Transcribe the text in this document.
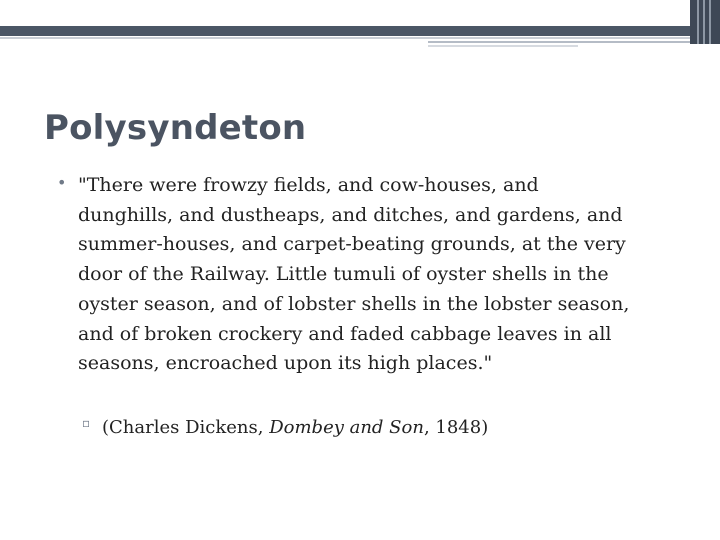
Polysyndeton
• "There were frowzy fields, and cow-houses, and
dunghills, and dustheaps, and ditches, and gardens, and
summer-houses, and carpet-beating grounds, at the very
door of the Railway. Little tumuli of oyster shells in the
oyster season, and of lobster shells in the lobster season,
and of broken crockery and faded cabbage leaves in all
seasons, encroached upon its high places."
▫ (Charles Dickens, Dombey and Son, 1848)
